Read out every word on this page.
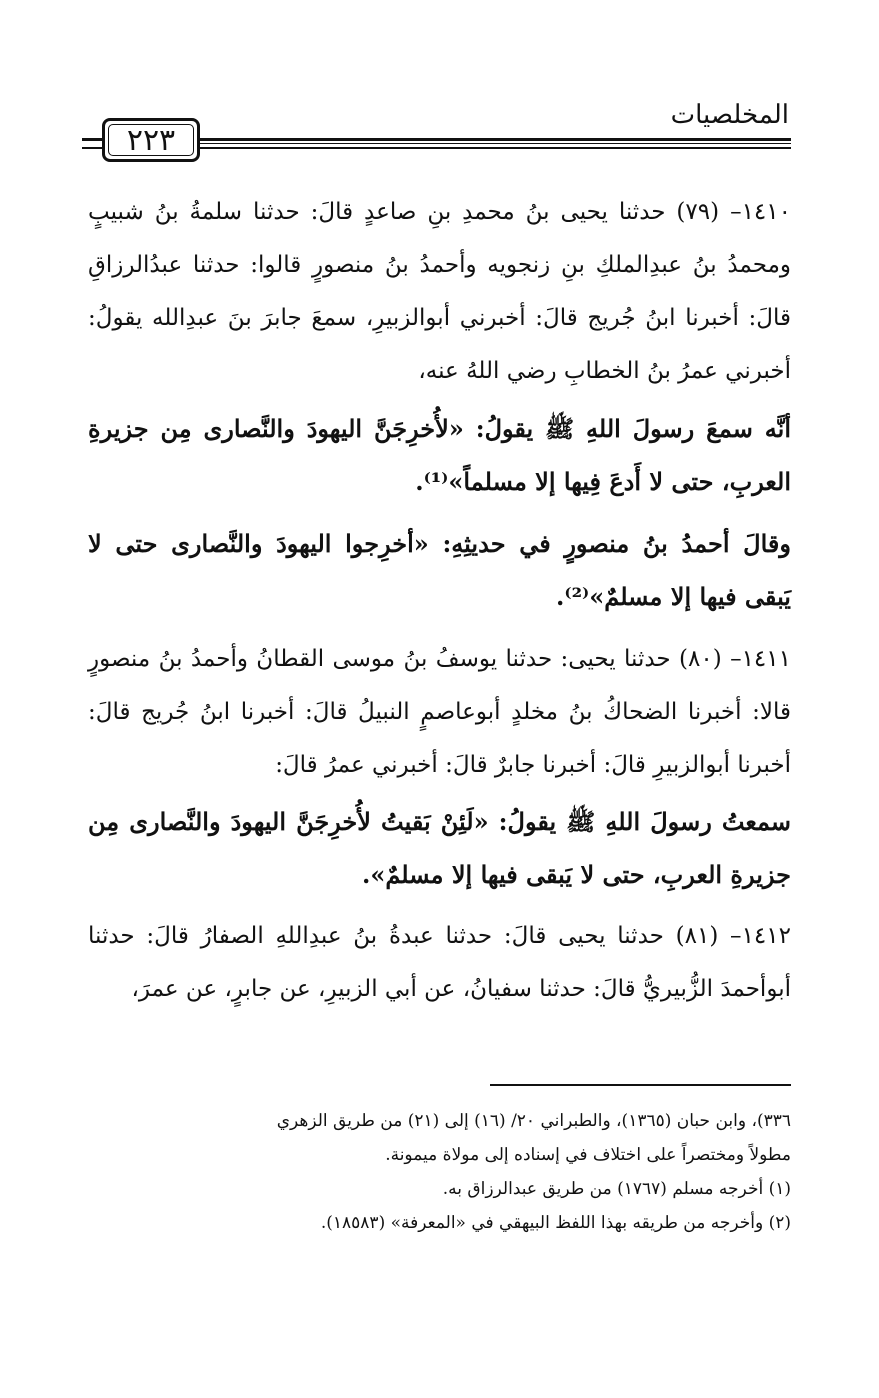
المخلصيات
٢٢٣
١٤١٠– (٧٩) حدثنا يحيى بنُ محمدِ بنِ صاعدٍ قالَ: حدثنا سلمةُ بنُ شبيبٍ ومحمدُ بنُ عبدِالملكِ بنِ زنجويه وأحمدُ بنُ منصورٍ قالوا: حدثنا عبدُالرزاقِ قالَ: أخبرنا ابنُ جُريج قالَ: أخبرني أبوالزبيرِ، سمعَ جابرَ بنَ عبدِالله يقولُ: أخبرني عمرُ بنُ الخطابِ رضي اللهُ عنه،
أنَّه سمعَ رسولَ اللهِ ﷺ يقولُ: «لأُخرِجَنَّ اليهودَ والنَّصارى مِن جزيرةِ العربِ، حتى لا أَدعَ فِيها إلا مسلماً»⁽¹⁾.
وقالَ أحمدُ بنُ منصورٍ في حديثِهِ: «أخرِجوا اليهودَ والنَّصارى حتى لا يَبقى فيها إلا مسلمٌ»⁽²⁾.
١٤١١– (٨٠) حدثنا يحيى: حدثنا يوسفُ بنُ موسى القطانُ وأحمدُ بنُ منصورٍ قالا: أخبرنا الضحاكُ بنُ مخلدٍ أبوعاصمٍ النبيلُ قالَ: أخبرنا ابنُ جُريج قالَ: أخبرنا أبوالزبيرِ قالَ: أخبرنا جابرٌ قالَ: أخبرني عمرُ قالَ:
سمعتُ رسولَ اللهِ ﷺ يقولُ: «لَئِنْ بَقيتُ لأُخرِجَنَّ اليهودَ والنَّصارى مِن جزيرةِ العربِ، حتى لا يَبقى فيها إلا مسلمٌ».
١٤١٢– (٨١) حدثنا يحيى قالَ: حدثنا عبدةُ بنُ عبدِاللهِ الصفارُ قالَ: حدثنا أبوأحمدَ الزُّبيريُّ قالَ: حدثنا سفيانُ، عن أبي الزبيرِ، عن جابرٍ، عن عمرَ،
٣٣٦)، وابن حبان (١٣٦٥)، والطبراني ٢٠/ (١٦) إلى (٢١) من طريق الزهري
مطولاً ومختصراً على اختلاف في إسناده إلى مولاة ميمونة.
(١) أخرجه مسلم (١٧٦٧) من طريق عبدالرزاق به.
(٢) وأخرجه من طريقه بهذا اللفظ البيهقي في «المعرفة» (١٨٥٨٣).
